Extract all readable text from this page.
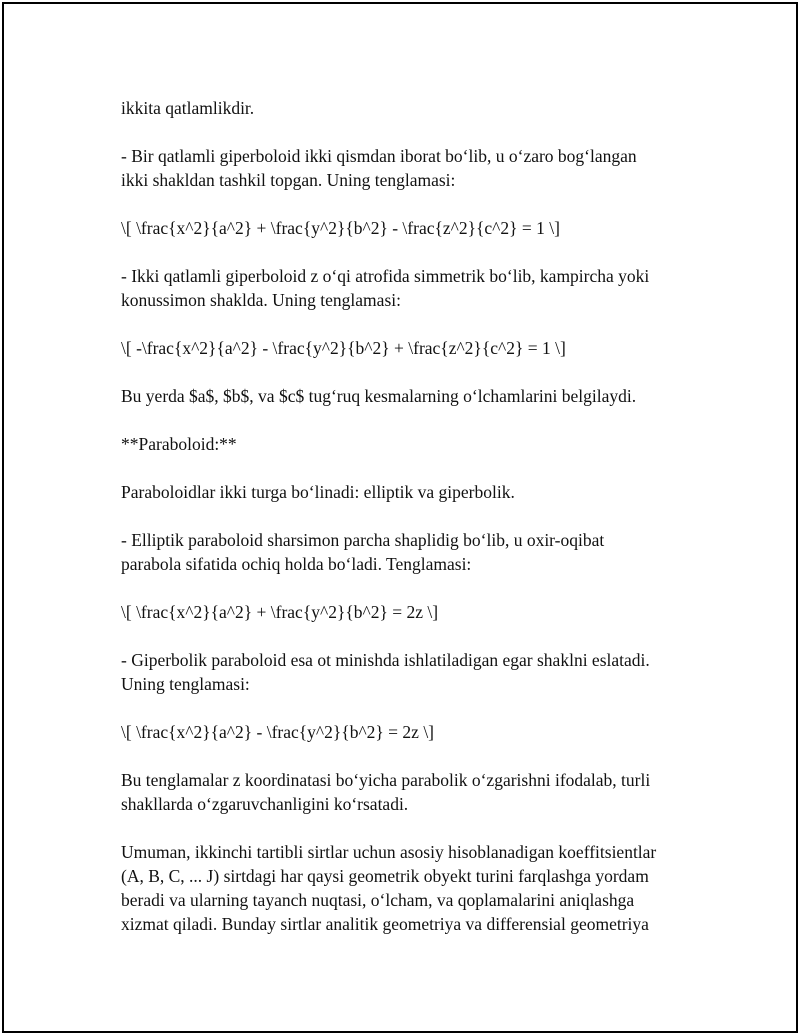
ikkita qatlamlikdir.

- Bir qatlamli giperboloid ikki qismdan iborat bo‘lib, u o‘zaro bog‘langan
ikki shakldan tashkil topgan. Uning tenglamasi:

\[ \frac{x^2}{a^2} + \frac{y^2}{b^2} - \frac{z^2}{c^2} = 1 \]

- Ikki qatlamli giperboloid z o‘qi atrofida simmetrik bo‘lib, kampircha yoki
konussimon shaklda. Uning tenglamasi:

\[ -\frac{x^2}{a^2} - \frac{y^2}{b^2} + \frac{z^2}{c^2} = 1 \]

Bu yerda $a$, $b$, va $c$ tug‘ruq kesmalarning o‘lchamlarini belgilaydi.

**Paraboloid:**

Paraboloidlar ikki turga bo‘linadi: elliptik va giperbolik.

- Elliptik paraboloid sharsimon parcha shaplidig bo‘lib, u oxir-oqibat
parabola sifatida ochiq holda bo‘ladi. Tenglamasi:

\[ \frac{x^2}{a^2} + \frac{y^2}{b^2} = 2z \]

- Giperbolik paraboloid esa ot minishda ishlatiladigan egar shaklni eslatadi.
Uning tenglamasi:

\[ \frac{x^2}{a^2} - \frac{y^2}{b^2} = 2z \]

Bu tenglamalar z koordinatasi bo‘yicha parabolik o‘zgarishni ifodalab, turli
shakllarda o‘zgaruvchanligini ko‘rsatadi.

Umuman, ikkinchi tartibli sirtlar uchun asosiy hisoblanadigan koeffitsientlar
(A, B, C, ... J) sirtdagi har qaysi geometrik obyekt turini farqlashga yordam
beradi va ularning tayanch nuqtasi, o‘lcham, va qoplamalarini aniqlashga
xizmat qiladi. Bunday sirtlar analitik geometriya va differensial geometriya
